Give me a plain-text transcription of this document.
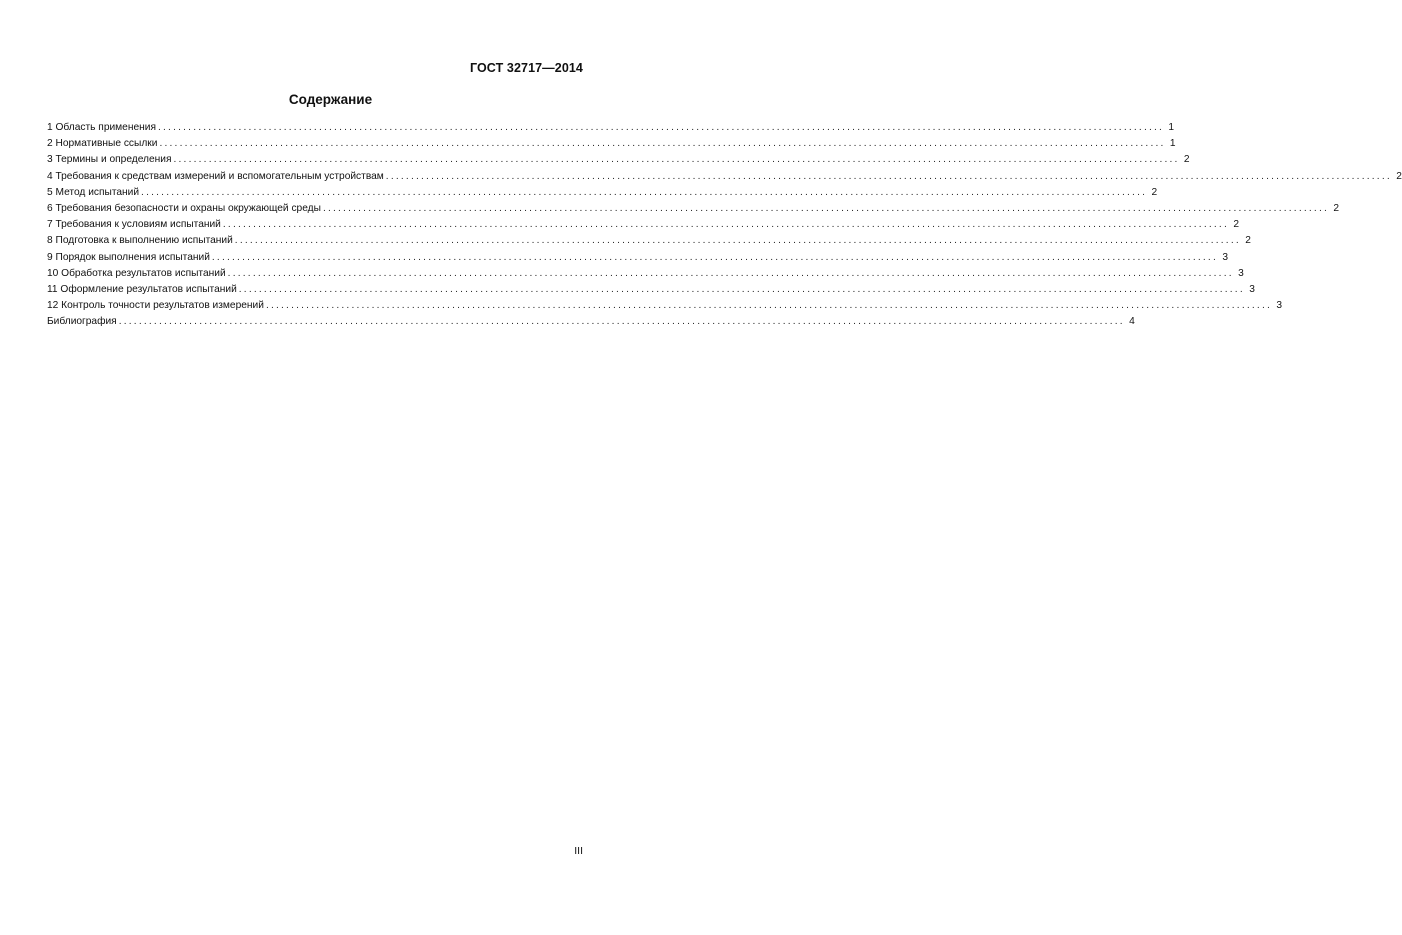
ГОСТ 32717—2014
Содержание
1 Область применения ........................................................................................................................................................................................................ 1
2 Нормативные ссылки ........................................................................................................................................................................................................ 1
3 Термины и определения ........................................................................................................................................................................................................ 2
4 Требования к средствам измерений и вспомогательным устройствам ........................................................................................................................................................................................................ 2
5 Метод испытаний ........................................................................................................................................................................................................ 2
6 Требования безопасности и охраны окружающей среды ........................................................................................................................................................................................................ 2
7 Требования к условиям испытаний ........................................................................................................................................................................................................ 2
8 Подготовка к выполнению испытаний ........................................................................................................................................................................................................ 2
9 Порядок выполнения испытаний ........................................................................................................................................................................................................ 3
10 Обработка результатов испытаний ........................................................................................................................................................................................................ 3
11 Оформление результатов испытаний ........................................................................................................................................................................................................ 3
12 Контроль точности результатов измерений ........................................................................................................................................................................................................ 3
Библиография ........................................................................................................................................................................................................ 4
III
